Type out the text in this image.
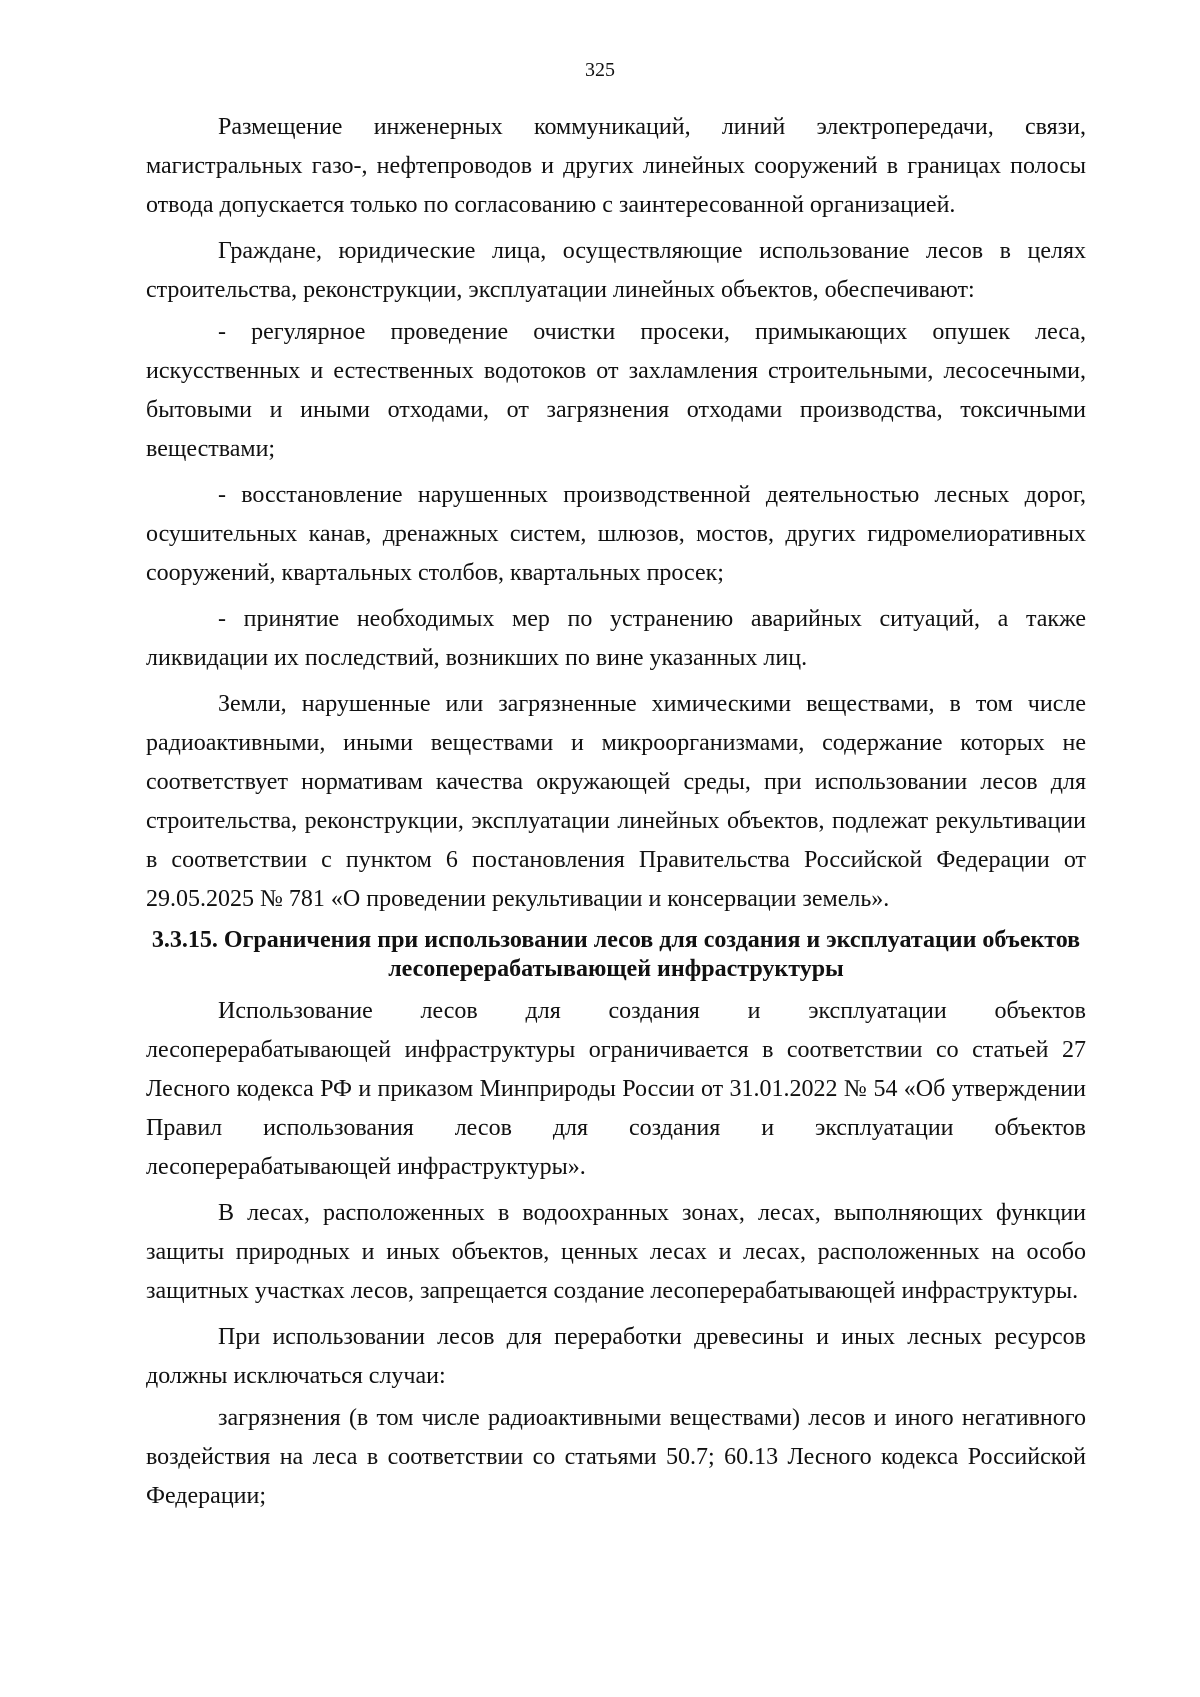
325

Размещение инженерных коммуникаций, линий электропередачи, связи, магистральных газо-, нефтепроводов и других линейных сооружений в границах полосы отвода допускается только по согласованию с заинтересованной организацией.

Граждане, юридические лица, осуществляющие использование лесов в целях строительства, реконструкции, эксплуатации линейных объектов, обеспечивают:

- регулярное проведение очистки просеки, примыкающих опушек леса, искусственных и естественных водотоков от захламления строительными, лесосечными, бытовыми и иными отходами, от загрязнения отходами производства, токсичными веществами;

- восстановление нарушенных производственной деятельностью лесных дорог, осушительных канав, дренажных систем, шлюзов, мостов, других гидромелиоративных сооружений, квартальных столбов, квартальных просек;

- принятие необходимых мер по устранению аварийных ситуаций, а также ликвидации их последствий, возникших по вине указанных лиц.

Земли, нарушенные или загрязненные химическими веществами, в том числе радиоактивными, иными веществами и микроорганизмами, содержание которых не соответствует нормативам качества окружающей среды, при использовании лесов для строительства, реконструкции, эксплуатации линейных объектов, подлежат рекультивации в соответствии с пунктом 6 постановления Правительства Российской Федерации от 29.05.2025 № 781 «О проведении рекультивации и консервации земель».

3.3.15. Ограничения при использовании лесов для создания и эксплуатации объектов лесоперерабатывающей инфраструктуры

Использование лесов для создания и эксплуатации объектов лесоперерабатывающей инфраструктуры ограничивается в соответствии со статьей 27 Лесного кодекса РФ и приказом Минприроды России от 31.01.2022 № 54 «Об утверждении Правил использования лесов для создания и эксплуатации объектов лесоперерабатывающей инфраструктуры».

В лесах, расположенных в водоохранных зонах, лесах, выполняющих функции защиты природных и иных объектов, ценных лесах и лесах, расположенных на особо защитных участках лесов, запрещается создание лесоперерабатывающей инфраструктуры.

При использовании лесов для переработки древесины и иных лесных ресурсов должны исключаться случаи:

загрязнения (в том числе радиоактивными веществами) лесов и иного негативного воздействия на леса в соответствии со статьями 50.7; 60.13 Лесного кодекса Российской Федерации;
